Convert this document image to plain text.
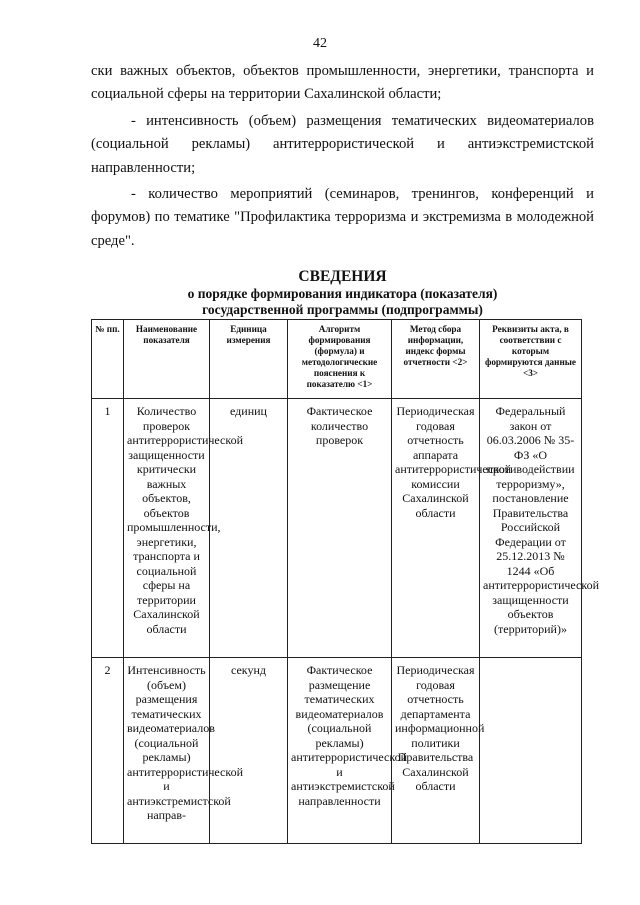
42

ски важных объектов, объектов промышленности, энергетики, транспорта и социальной сферы на территории Сахалинской области;

- интенсивность (объем) размещения тематических видеоматериалов (социальной рекламы) антитеррористической и антиэкстремистской направленности;

- количество мероприятий (семинаров, тренингов, конференций и форумов) по тематике "Профилактика терроризма и экстремизма в молодежной среде".

СВЕДЕНИЯ
о порядке формирования индикатора (показателя)
государственной программы (подпрограммы)
№ пп.	Наименование показателя	Единица измерения	Алгоритм формирования (формула) и методологические пояснения к показателю <1>	Метод сбора информации, индекс формы отчетности <2>	Реквизиты акта, в соответствии с которым формируются данные <3>
1	Количество проверок антитеррористической защищенности критически важных объектов, объектов промышленности, энергетики, транспорта и социальной сферы на территории Сахалинской области	единиц	Фактическое количество проверок	Периодическая годовая отчетность аппарата антитеррористической комиссии Сахалинской области	Федеральный закон от 06.03.2006 № 35-ФЗ «О противодействии терроризму», постановление Правительства Российской Федерации от 25.12.2013 № 1244 «Об антитеррористической защищенности объектов (территорий)»
2	Интенсивность (объем) размещения тематических видеоматериалов (социальной рекламы) антитеррористической и антиэкстремистской направ-	секунд	Фактическое размещение тематических видеоматериалов (социальной рекламы) антитеррористической и антиэкстремистской направленности	Периодическая годовая отчетность департамента информационной политики Правительства Сахалинской области	
